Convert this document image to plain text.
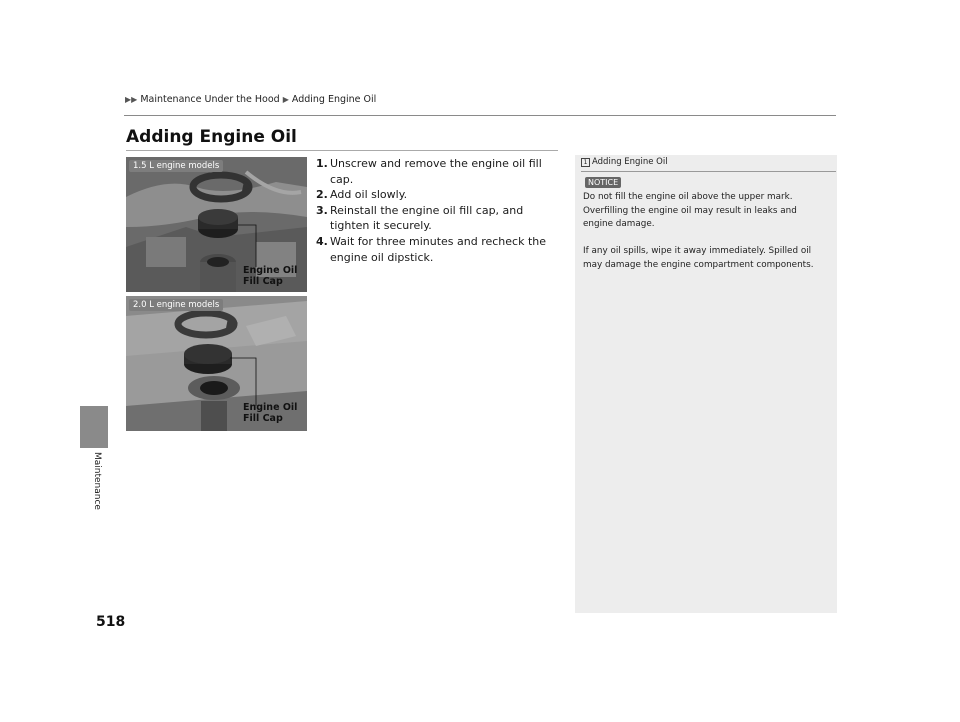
▶▶ Maintenance Under the Hood ▶ Adding Engine Oil
Maintenance
518
Adding Engine Oil
1.5 L engine models
Engine Oil
Fill Cap
2.0 L engine models
Engine Oil
Fill Cap
1. Unscrew and remove the engine oil fill cap.
2. Add oil slowly.
3. Reinstall the engine oil fill cap, and tighten it securely.
4. Wait for three minutes and recheck the engine oil dipstick.
1 Adding Engine Oil
NOTICE
Do not fill the engine oil above the upper mark. Overfilling the engine oil may result in leaks and engine damage.
If any oil spills, wipe it away immediately. Spilled oil may damage the engine compartment components.
